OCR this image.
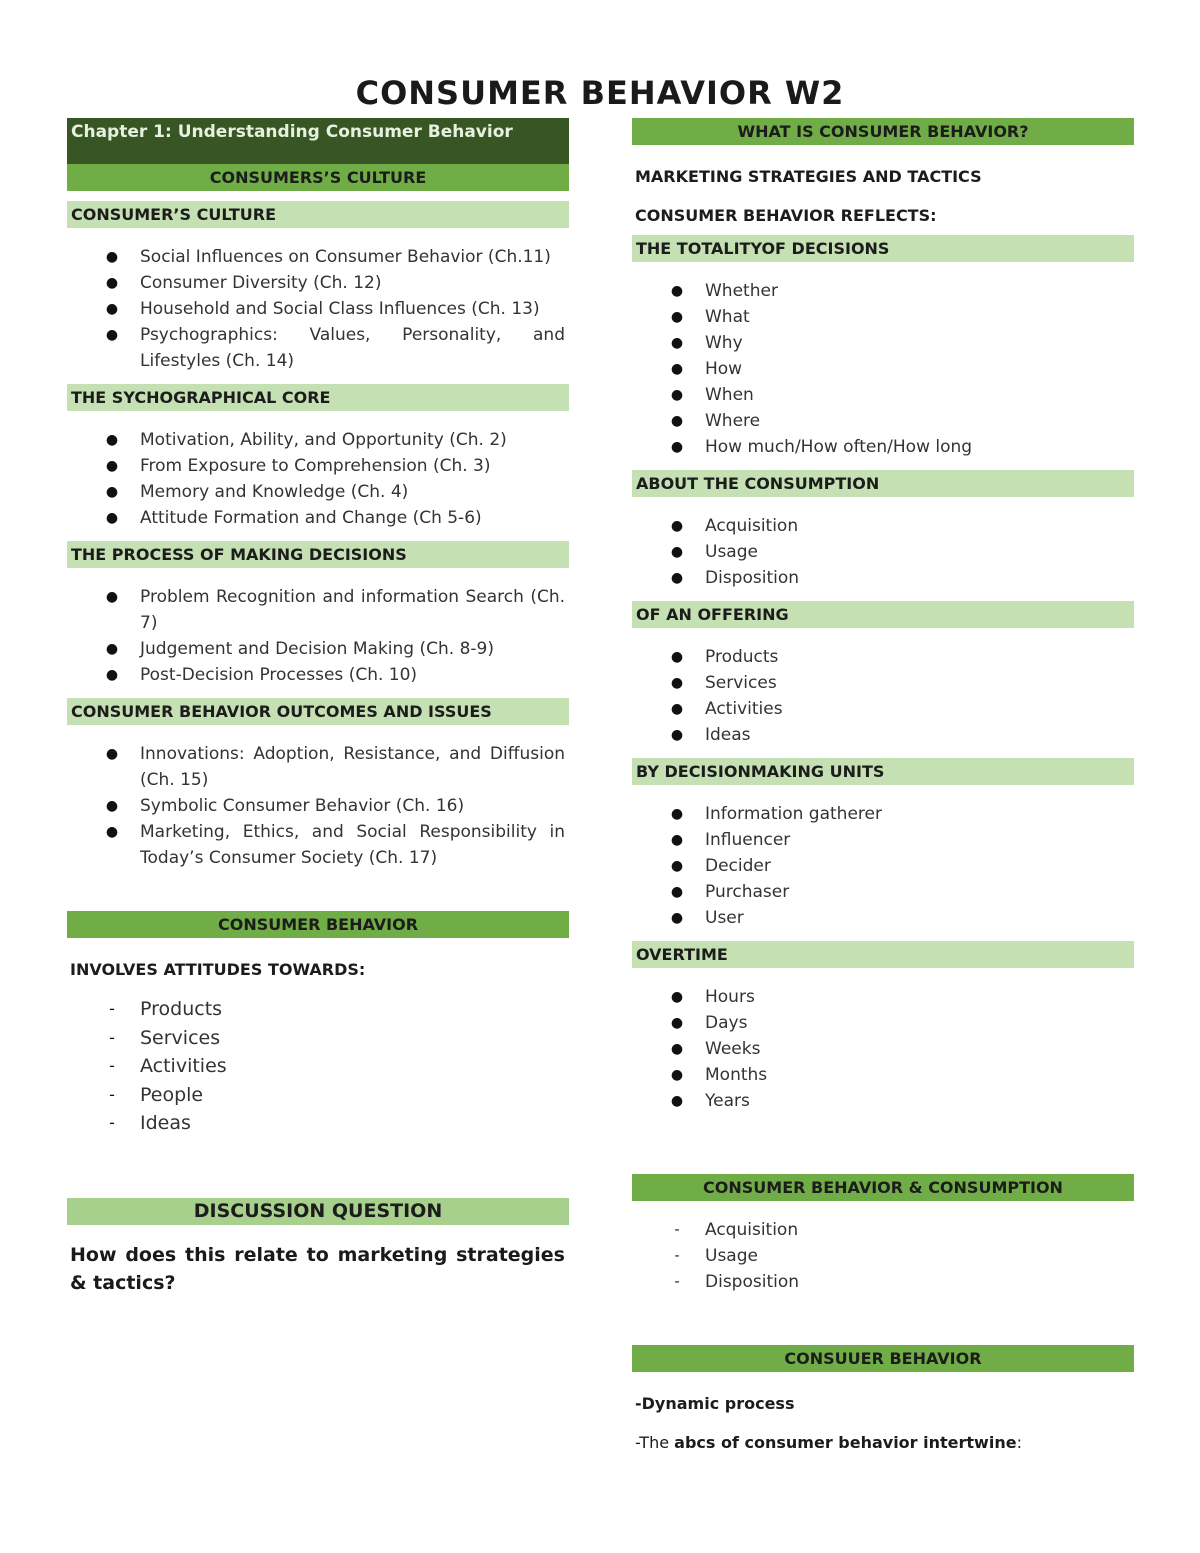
CONSUMER BEHAVIOR W2
Chapter 1: Understanding Consumer Behavior
CONSUMERS’S CULTURE
CONSUMER’S CULTURE
● Social Influences on Consumer Behavior (Ch.11)
● Consumer Diversity (Ch. 12)
● Household and Social Class Influences (Ch. 13)
● Psychographics: Values, Personality, and Lifestyles (Ch. 14)
THE SYCHOGRAPHICAL CORE
● Motivation, Ability, and Opportunity (Ch. 2)
● From Exposure to Comprehension (Ch. 3)
● Memory and Knowledge (Ch. 4)
● Attitude Formation and Change (Ch 5-6)
THE PROCESS OF MAKING DECISIONS
● Problem Recognition and information Search (Ch. 7)
● Judgement and Decision Making (Ch. 8-9)
● Post-Decision Processes (Ch. 10)
CONSUMER BEHAVIOR OUTCOMES AND ISSUES
● Innovations: Adoption, Resistance, and Diffusion (Ch. 15)
● Symbolic Consumer Behavior (Ch. 16)
● Marketing, Ethics, and Social Responsibility in Today’s Consumer Society (Ch. 17)
CONSUMER BEHAVIOR
INVOLVES ATTITUDES TOWARDS:
-	Products
-	Services
-	Activities
-	People
-	Ideas
DISCUSSION QUESTION
How does this relate to marketing strategies & tactics?
WHAT IS CONSUMER BEHAVIOR?
MARKETING STRATEGIES AND TACTICS
CONSUMER BEHAVIOR REFLECTS:
THE TOTALITYOF DECISIONS
● Whether
● What
● Why
● How
● When
● Where
● How much/How often/How long
ABOUT THE CONSUMPTION
● Acquisition
● Usage
● Disposition
OF AN OFFERING
● Products
● Services
● Activities
● Ideas
BY DECISIONMAKING UNITS
● Information gatherer
● Influencer
● Decider
● Purchaser
● User
OVERTIME
● Hours
● Days
● Weeks
● Months
● Years
CONSUMER BEHAVIOR & CONSUMPTION
-	Acquisition
-	Usage
-	Disposition
CONSUUER BEHAVIOR
-Dynamic process
-The abcs of consumer behavior intertwine:
